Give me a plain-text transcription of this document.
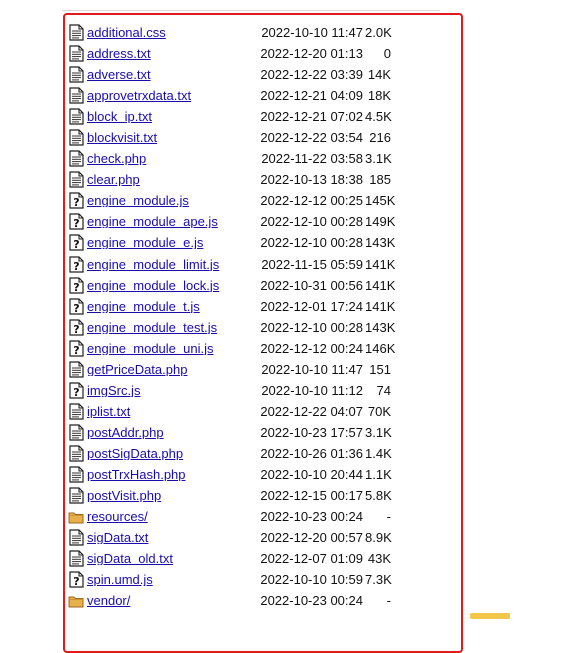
additional.css	2022-10-10 11:47 2.0K
address.txt	2022-12-20 01:13	0
adverse.txt	2022-12-22 03:39 14K
approvetrxdata.txt	2022-12-21 04:09 18K
block_ip.txt	2022-12-21 07:02 4.5K
blockvisit.txt	2022-12-22 03:54 216
check.php	2022-11-22 03:58 3.1K
clear.php	2022-10-13 18:38 185
? engine_module.js	2022-12-12 00:25 145K
? engine_module_ape.js	2022-12-10 00:28 149K
? engine_module_e.js	2022-12-10 00:28 143K
? engine_module_limit.js	2022-11-15 05:59 141K
? engine_module_lock.js	2022-10-31 00:56 141K
? engine_module_t.js	2022-12-01 17:24 141K
? engine_module_test.js	2022-12-10 00:28 143K
? engine_module_uni.js	2022-12-12 00:24 146K
getPriceData.php	2022-10-10 11:47 151
? imgSrc.js	2022-10-10 11:12	74
iplist.txt	2022-12-22 04:07 70K
postAddr.php	2022-10-23 17:57 3.1K
postSigData.php	2022-10-26 01:36 1.4K
postTrxHash.php	2022-10-10 20:44 1.1K
postVisit.php	2022-12-15 00:17 5.8K
resources/	2022-10-23 00:24	-
sigData.txt	2022-12-20 00:57 8.9K
sigData_old.txt	2022-12-07 01:09 43K
? spin.umd.js	2022-10-10 10:59 7.3K
vendor/	2022-10-23 00:24	-
